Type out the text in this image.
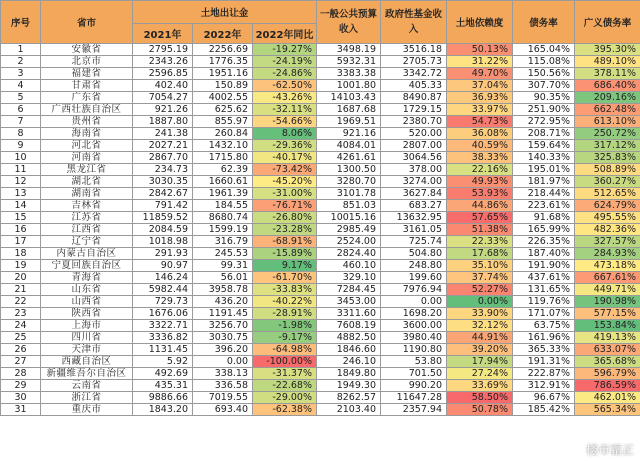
序号	省市	土地出让金			一般公共预算收入	政府性基金收入	土地依赖度	债务率	广义债务率
		2021年	2022年	2022年同比					
1	安徽省	2795.19	2256.69	-19.27%	3498.19	3516.18	50.13%	165.04%	395.30%
2	北京市	2343.26	1776.35	-24.19%	5932.31	2705.73	31.22%	115.08%	489.10%
3	福建省	2596.85	1951.16	-24.86%	3383.38	3342.72	49.70%	150.56%	378.11%
4	甘肃省	402.40	150.89	-62.50%	1001.80	405.33	37.04%	307.70%	686.40%
5	广东省	7054.27	4002.55	-43.26%	14103.43	8490.87	36.93%	90.35%	209.16%
6	广西壮族自治区	921.26	625.62	-32.11%	1687.68	1729.15	33.97%	251.90%	662.48%
7	贵州省	1887.80	855.97	-54.66%	1969.51	2380.70	54.73%	272.95%	613.10%
8	海南省	241.38	260.84	8.06%	921.16	520.00	36.08%	208.71%	250.72%
9	河北省	2027.21	1432.10	-29.36%	4084.01	2807.00	40.59%	159.64%	317.12%
10	河南省	2867.70	1715.80	-40.17%	4261.61	3064.56	38.33%	140.33%	325.83%
11	黑龙江省	234.73	62.39	-73.42%	1300.50	378.00	22.16%	195.01%	508.89%
12	湖北省	3030.35	1660.61	-45.20%	3280.70	3274.00	49.93%	181.97%	360.27%
13	湖南省	2842.67	1961.39	-31.00%	3101.78	3627.84	53.93%	218.44%	512.65%
14	吉林省	791.42	184.55	-76.71%	851.03	683.27	44.86%	223.61%	624.79%
15	江苏省	11859.52	8680.74	-26.80%	10015.16	13632.95	57.65%	91.68%	495.55%
16	江西省	2084.59	1599.19	-23.28%	2985.49	3161.05	51.38%	165.99%	482.36%
17	辽宁省	1018.98	316.79	-68.91%	2524.00	725.74	22.33%	226.35%	327.57%
18	内蒙古自治区	291.93	245.53	-15.89%	2824.40	504.80	17.68%	187.40%	284.93%
19	宁夏回族自治区	90.97	99.31	9.17%	460.10	248.80	35.10%	191.90%	473.18%
20	青海省	146.24	56.01	-61.70%	329.10	199.60	37.74%	437.61%	667.61%
21	山东省	5982.44	3958.78	-33.83%	7284.45	7976.94	52.27%	131.65%	449.71%
22	山西省	729.73	436.20	-40.22%	3453.00	0.00	0.00%	119.76%	190.98%
23	陕西省	1676.06	1191.45	-28.91%	3311.60	1698.20	33.90%	171.07%	577.15%
24	上海市	3322.71	3256.70	-1.98%	7608.19	3600.00	32.12%	63.75%	153.84%
25	四川省	3336.82	3030.75	-9.17%	4882.50	3980.40	44.91%	161.96%	419.13%
26	天津市	1131.45	396.20	-64.98%	1846.60	1190.80	39.20%	365.33%	633.07%
27	西藏自治区	5.92	0.00	-100.00%	246.10	53.80	17.94%	191.31%	365.68%
28	新疆维吾尔自治区	492.69	338.13	-31.37%	1849.80	701.50	27.24%	222.87%	596.79%
29	云南省	435.31	336.58	-22.68%	1949.30	990.20	33.69%	312.91%	786.59%
30	浙江省	9886.66	7019.55	-29.00%	8262.57	11647.28	58.50%	96.67%	462.01%
31	重庆市	1843.20	693.40	-62.38%	2103.40	2357.94	50.78%	185.42%	565.34%
楼市霜正
